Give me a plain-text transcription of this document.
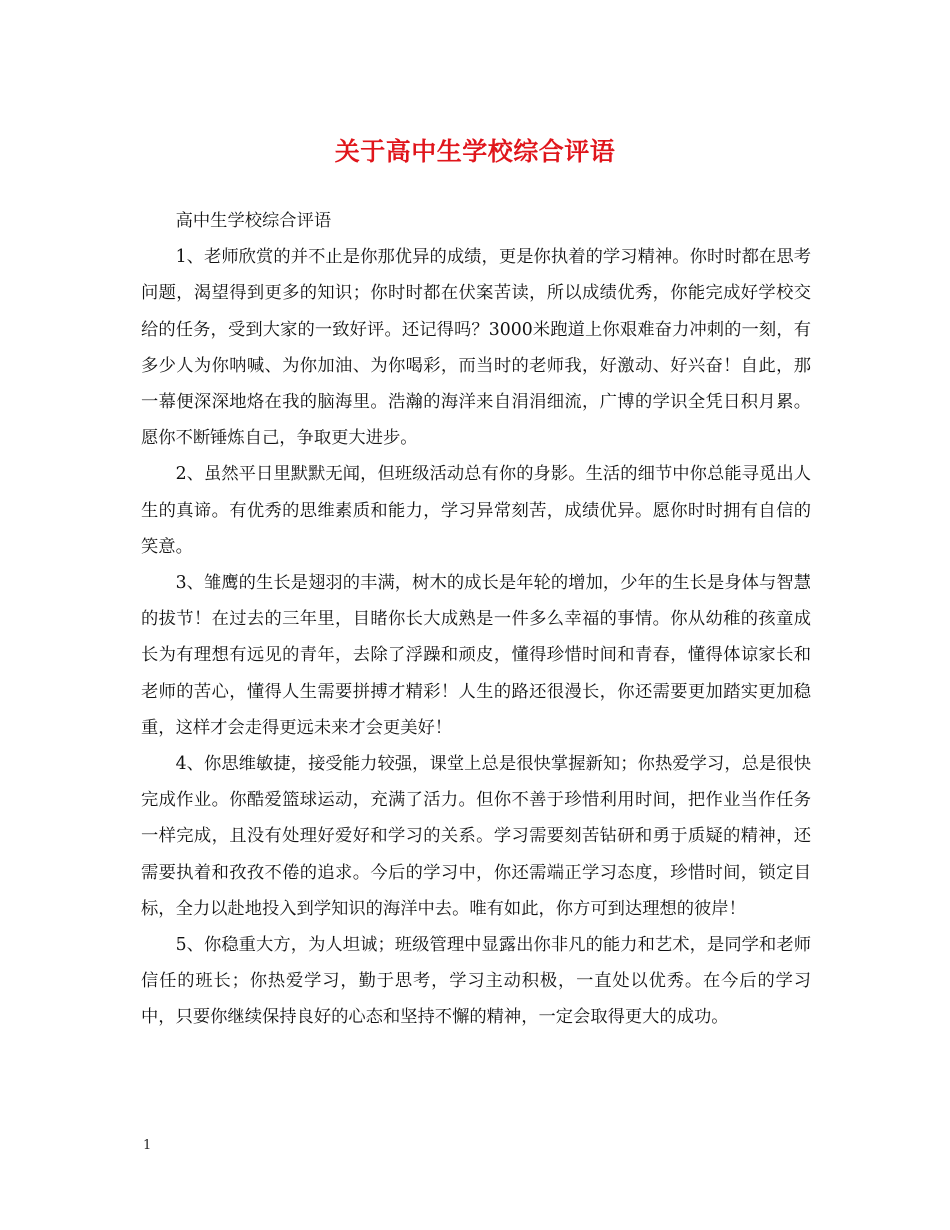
关于高中生学校综合评语

高中生学校综合评语

1、老师欣赏的并不止是你那优异的成绩，更是你执着的学习精神。你时时都在思考问题，渴望得到更多的知识；你时时都在伏案苦读，所以成绩优秀，你能完成好学校交给的任务，受到大家的一致好评。还记得吗？3000米跑道上你艰难奋力冲刺的一刻，有多少人为你呐喊、为你加油、为你喝彩，而当时的老师我，好激动、好兴奋！自此，那一幕便深深地烙在我的脑海里。浩瀚的海洋来自涓涓细流，广博的学识全凭日积月累。愿你不断锤炼自己，争取更大进步。

2、虽然平日里默默无闻，但班级活动总有你的身影。生活的细节中你总能寻觅出人生的真谛。有优秀的思维素质和能力，学习异常刻苦，成绩优异。愿你时时拥有自信的笑意。

3、雏鹰的生长是翅羽的丰满，树木的成长是年轮的增加，少年的生长是身体与智慧的拔节！在过去的三年里，目睹你长大成熟是一件多么幸福的事情。你从幼稚的孩童成长为有理想有远见的青年，去除了浮躁和顽皮，懂得珍惜时间和青春，懂得体谅家长和老师的苦心，懂得人生需要拼搏才精彩！人生的路还很漫长，你还需要更加踏实更加稳重，这样才会走得更远未来才会更美好！

4、你思维敏捷，接受能力较强，课堂上总是很快掌握新知；你热爱学习，总是很快完成作业。你酷爱篮球运动，充满了活力。但你不善于珍惜利用时间，把作业当作任务一样完成，且没有处理好爱好和学习的关系。学习需要刻苦钻研和勇于质疑的精神，还需要执着和孜孜不倦的追求。今后的学习中，你还需端正学习态度，珍惜时间，锁定目标，全力以赴地投入到学知识的海洋中去。唯有如此，你方可到达理想的彼岸！

5、你稳重大方，为人坦诚；班级管理中显露出你非凡的能力和艺术，是同学和老师信任的班长；你热爱学习，勤于思考，学习主动积极，一直处以优秀。在今后的学习中，只要你继续保持良好的心态和坚持不懈的精神，一定会取得更大的成功。

1
